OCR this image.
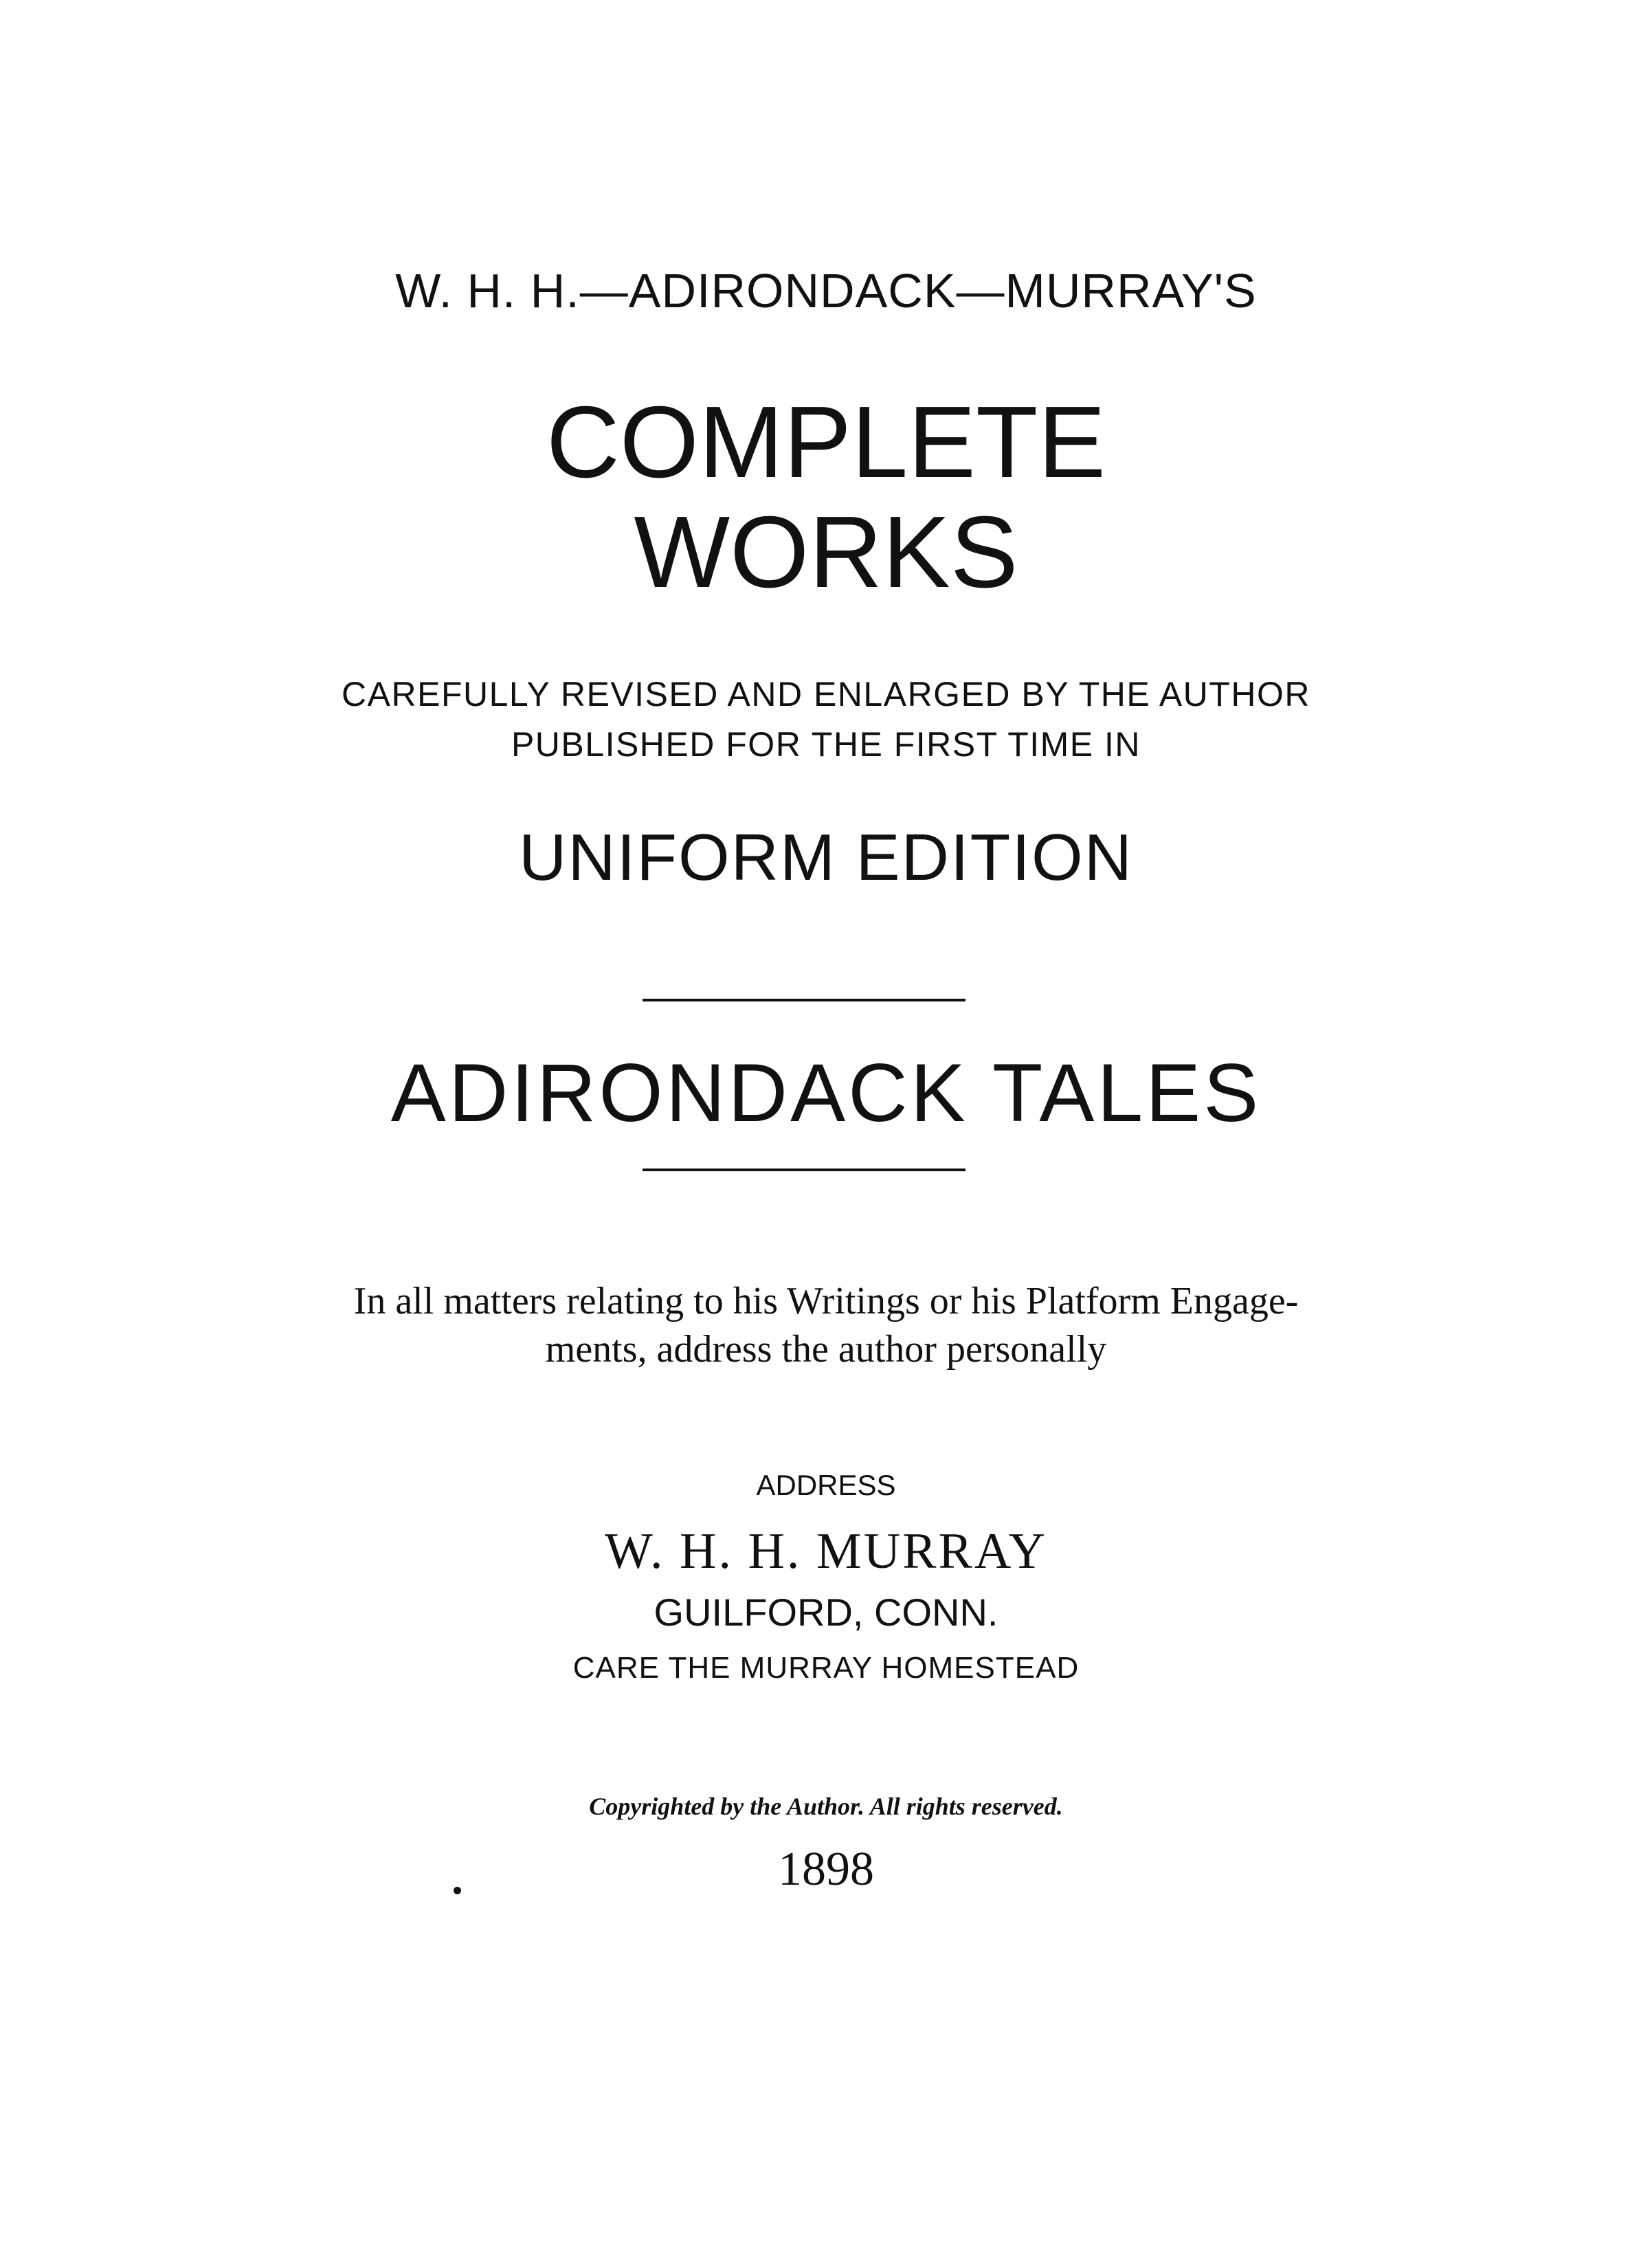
W. H. H.—ADIRONDACK—MURRAY'S
COMPLETE
WORKS
CAREFULLY REVISED AND ENLARGED BY THE AUTHOR
PUBLISHED FOR THE FIRST TIME IN
UNIFORM EDITION
ADIRONDACK TALES
In all matters relating to his Writings or his Platform Engage-
ments, address the author personally
ADDRESS
W. H. H. MURRAY
GUILFORD, CONN.
CARE THE MURRAY HOMESTEAD
Copyrighted by the Author. All rights reserved.
1898
